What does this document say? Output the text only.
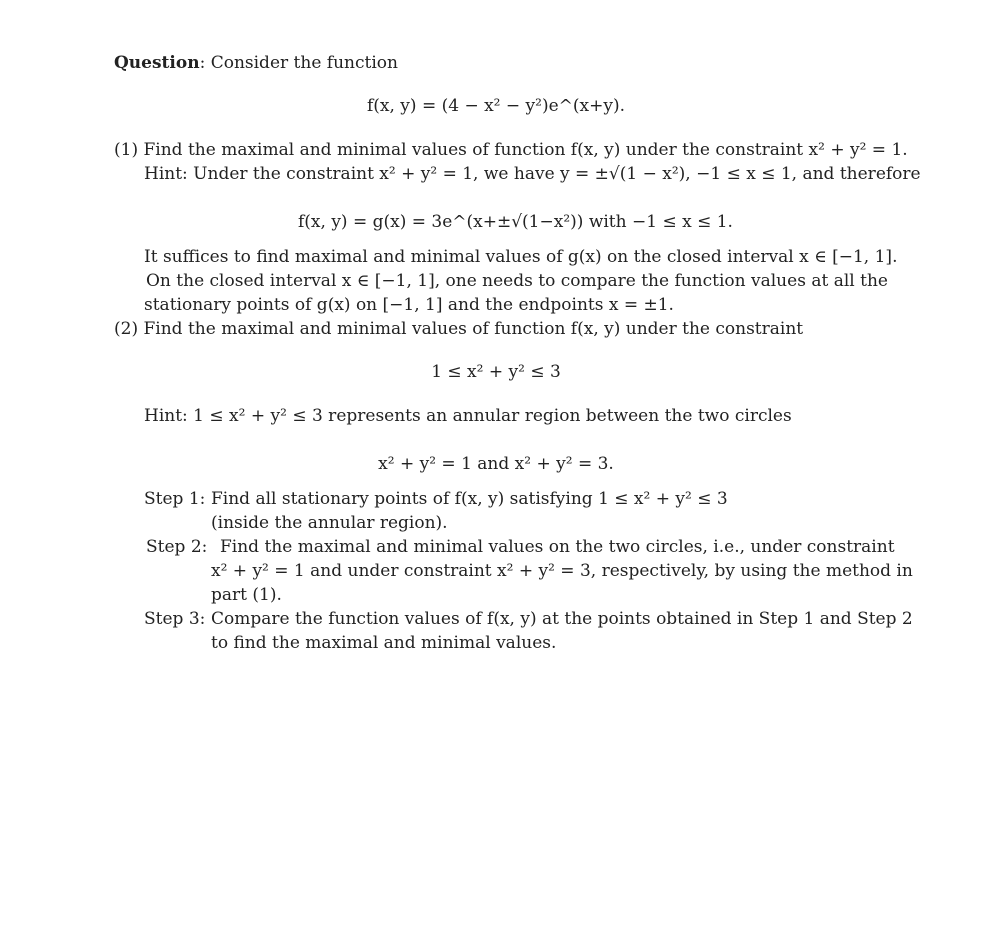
Question: Consider the function
f(x, y) = (4 − x² − y²)e^(x+y).
(1) Find the maximal and minimal values of function f(x, y) under the constraint x² + y² = 1.
Hint: Under the constraint x² + y² = 1, we have y = ±√(1 − x²), −1 ≤ x ≤ 1, and therefore
f(x, y) = g(x) = 3e^(x+±√(1−x²)) with −1 ≤ x ≤ 1.
It suffices to find maximal and minimal values of g(x) on the closed interval x ∈ [−1, 1].
On the closed interval x ∈ [−1, 1], one needs to compare the function values at all the
stationary points of g(x) on [−1, 1] and the endpoints x = ±1.
(2) Find the maximal and minimal values of function f(x, y) under the constraint
1 ≤ x² + y² ≤ 3
Hint: 1 ≤ x² + y² ≤ 3 represents an annular region between the two circles
x² + y² = 1 and x² + y² = 3.
Step 1: Find all stationary points of f(x, y) satisfying 1 ≤ x² + y² ≤ 3
(inside the annular region).
Step 2: Find the maximal and minimal values on the two circles, i.e., under constraint
x² + y² = 1 and under constraint x² + y² = 3, respectively, by using the method in
part (1).
Step 3: Compare the function values of f(x, y) at the points obtained in Step 1 and Step 2
to find the maximal and minimal values.
